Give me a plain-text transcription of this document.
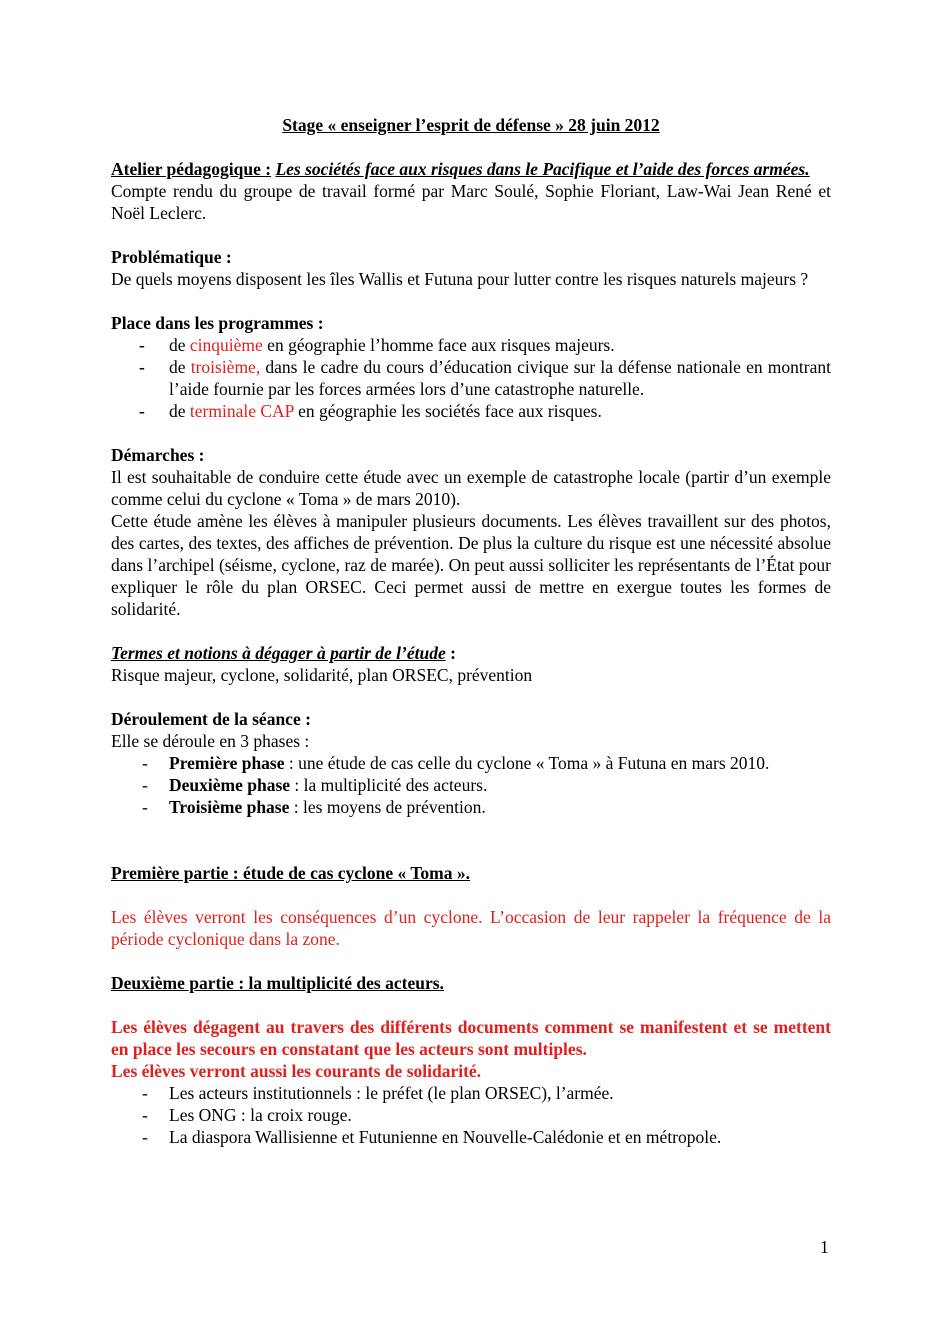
Stage « enseigner l’esprit de défense » 28 juin 2012

Atelier pédagogique : Les sociétés face aux risques dans le Pacifique et l’aide des forces armées.

Compte rendu du groupe de travail formé par Marc Soulé, Sophie Floriant, Law-Wai Jean René et Noël Leclerc.

Problématique :

De quels moyens disposent les îles Wallis et Futuna pour lutter contre les risques naturels majeurs ?

Place dans les programmes :

- de cinquième en géographie l’homme face aux risques majeurs.
- de troisième, dans le cadre du cours d’éducation civique sur la défense nationale en montrant l’aide fournie par les forces armées lors d’une catastrophe naturelle.
- de terminale CAP en géographie les sociétés face aux risques.

Démarches :

Il est souhaitable de conduire cette étude avec un exemple de catastrophe locale (partir d’un exemple comme celui du cyclone « Toma » de mars 2010).

Cette étude amène les élèves à manipuler plusieurs documents. Les élèves travaillent sur des photos, des cartes, des textes, des affiches de prévention. De plus la culture du risque est une nécessité absolue dans l’archipel (séisme, cyclone, raz de marée). On peut aussi solliciter les représentants de l’État pour expliquer le rôle du plan ORSEC. Ceci permet aussi de mettre en exergue toutes les formes de solidarité.

Termes et notions à dégager à partir de l’étude :

Risque majeur, cyclone, solidarité, plan ORSEC, prévention

Déroulement de la séance :

Elle se déroule en 3 phases :

- Première phase : une étude de cas celle du cyclone « Toma » à Futuna en mars 2010.
- Deuxième phase : la multiplicité des acteurs.
- Troisième phase : les moyens de prévention.

Première partie : étude de cas cyclone « Toma ».

Les élèves verront les conséquences d’un cyclone. L’occasion de leur rappeler la fréquence de la période cyclonique dans la zone.

Deuxième partie : la multiplicité des acteurs.

Les élèves dégagent au travers des différents documents comment se manifestent et se mettent en place les secours en constatant que les acteurs sont multiples.

Les élèves verront aussi les courants de solidarité.

- Les acteurs institutionnels : le préfet (le plan ORSEC), l’armée.
- Les ONG : la croix rouge.
- La diaspora Wallisienne et Futunienne en Nouvelle-Calédonie et en métropole.
1
